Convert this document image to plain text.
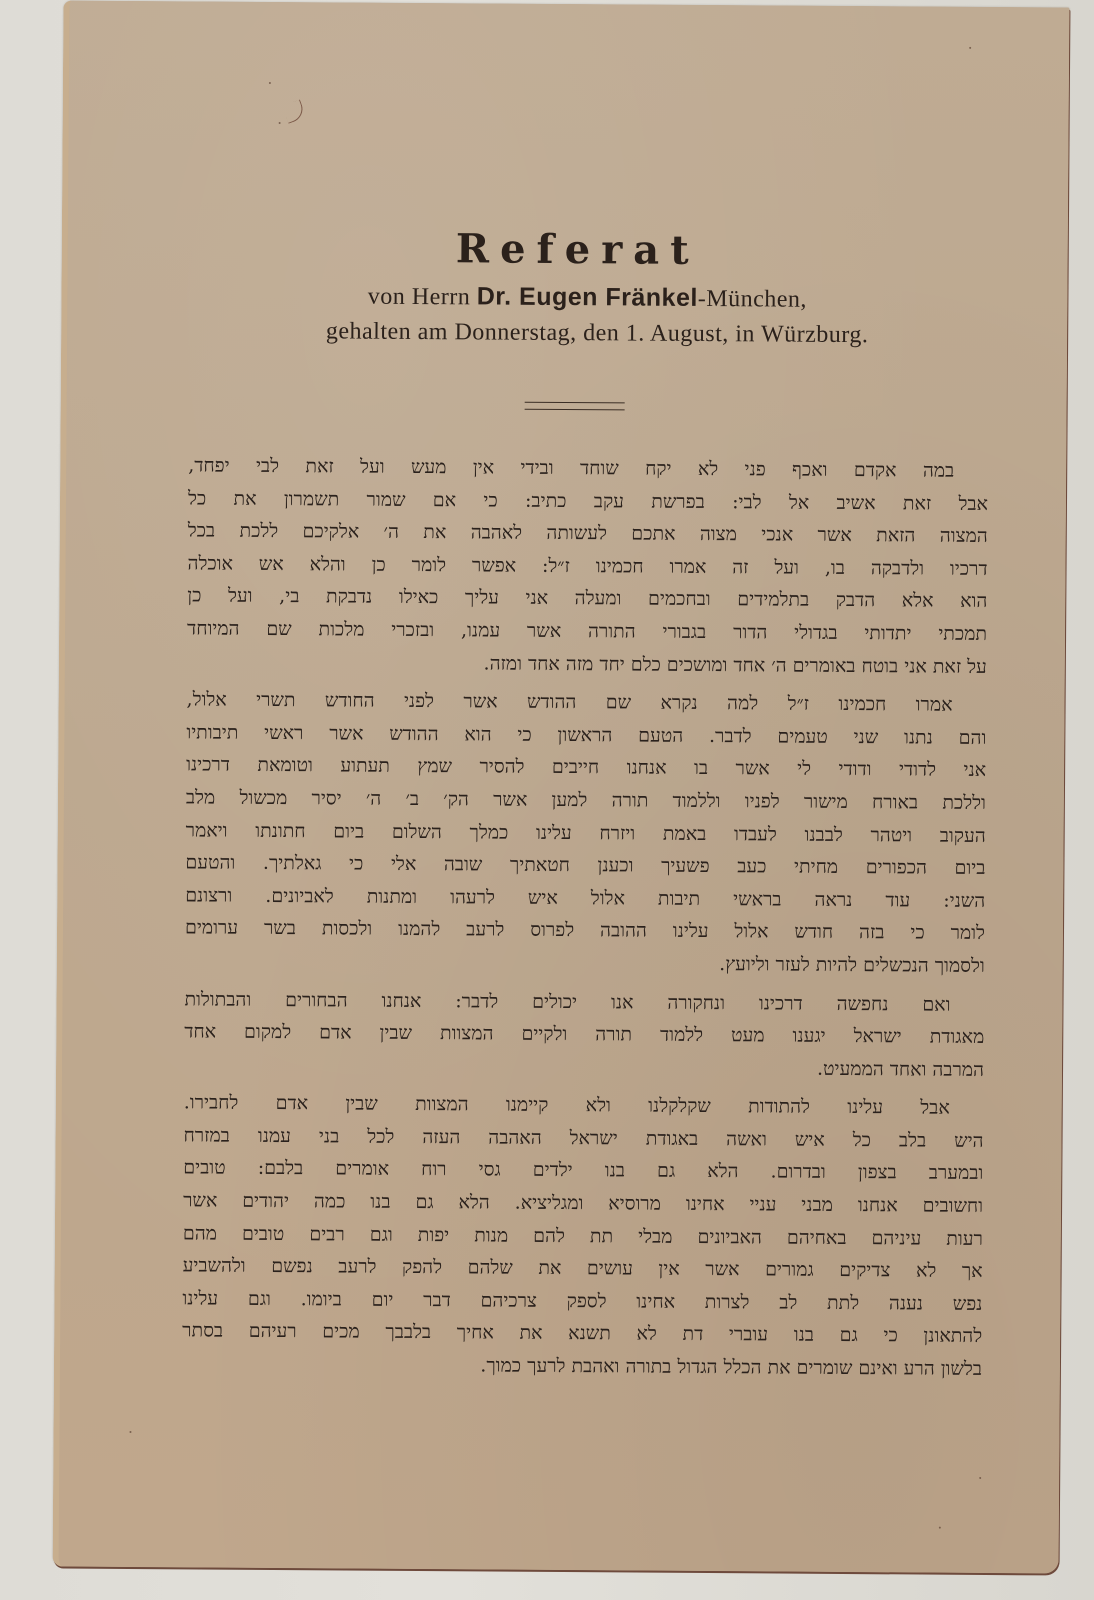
Referat
von Herrn Dr. Eugen Fränkel-München,
gehalten am Donnerstag, den 1. August, in Würzburg.
במה אקדם ואכף פני לא יקח שוחד ובידי אין מעש ועל זאת לבי יפחד,
אבל זאת אשיב אל לבי: בפרשת עקב כתיב: כי אם שמור תשמרון את כל
המצוה הזאת אשר אנכי מצוה אתכם לעשותה לאהבה את ה׳ אלקיכם ללכת בכל
דרכיו ולדבקה בו, ועל זה אמרו חכמינו ז״ל: אפשר לומר כן והלא אש אוכלה
הוא אלא הדבק בתלמידים ובחכמים ומעלה אני עליך כאילו נדבקת בי, ועל כן
תמכתי יתדותי בגדולי הדור בגבורי התורה אשר עמנו, ובזכרי מלכות שם המיוחד
על זאת אני בוטח באומרים ה׳ אחד ומושכים כלם יחד מזה אחד ומזה.
אמרו חכמינו ז״ל למה נקרא שם ההודש אשר לפני החודש תשרי אלול,
והם נתנו שני טעמים לדבר. הטעם הראשון כי הוא ההודש אשר ראשי תיבותיו
אני לדודי ודודי לי אשר בו אנחנו חייבים להסיר שמץ תעתוע וטומאת דרכינו
וללכת באורח מישור לפניו וללמוד תורה למען אשר הק׳ ב׳ ה׳ יסיר מכשול מלב
העקוב ויטהר לבבנו לעבדו באמת ויזרח עלינו כמלך השלום ביום חתונתו ויאמר
ביום הכפורים מחיתי כעב פשעיך וכענן חטאתיך שובה אלי כי גאלתיך. והטעם
השני: עוד נראה בראשי תיבות אלול איש לרעהו ומתנות לאביונים. ורצונם
לומר כי בזה חודש אלול עלינו ההובה לפרוס לרעב להמנו ולכסות בשר ערומים
ולסמוך הנכשלים להיות לעזר וליועץ.
ואם נחפשה דרכינו ונחקורה אנו יכולים לדבר: אנחנו הבחורים והבתולות
מאגודת ישראל יגענו מעט ללמוד תורה ולקיים המצוות שבין אדם למקום אחד
המרבה ואחד הממעיט.
אבל עלינו להתודות שקלקלנו ולא קיימנו המצוות שבין אדם לחבירו.
היש בלב כל איש ואשה באגודת ישראל האהבה העזה לכל בני עמנו במזרח
ובמערב בצפון ובדרום. הלא גם בנו ילדים גסי רוח אומרים בלבם: טובים
וחשובים אנחנו מבני עניי אחינו מרוסיא ומגליציא. הלא גם בנו כמה יהודים אשר
רעות עיניהם באחיהם האביונים מבלי תת להם מנות יפות וגם רבים טובים מהם
אך לא צדיקים גמורים אשר אין עושים את שלהם להפק לרעב נפשם ולהשביע
נפש נענה לתת לב לצרות אחינו לספק צרכיהם דבר יום ביומו. וגם עלינו
להתאונן כי גם בנו עוברי דת לא תשנא את אחיך בלבבך מכים רעיהם בסתר
בלשון הרע ואינם שומרים את הכלל הגדול בתורה ואהבת לרעך כמוך.
